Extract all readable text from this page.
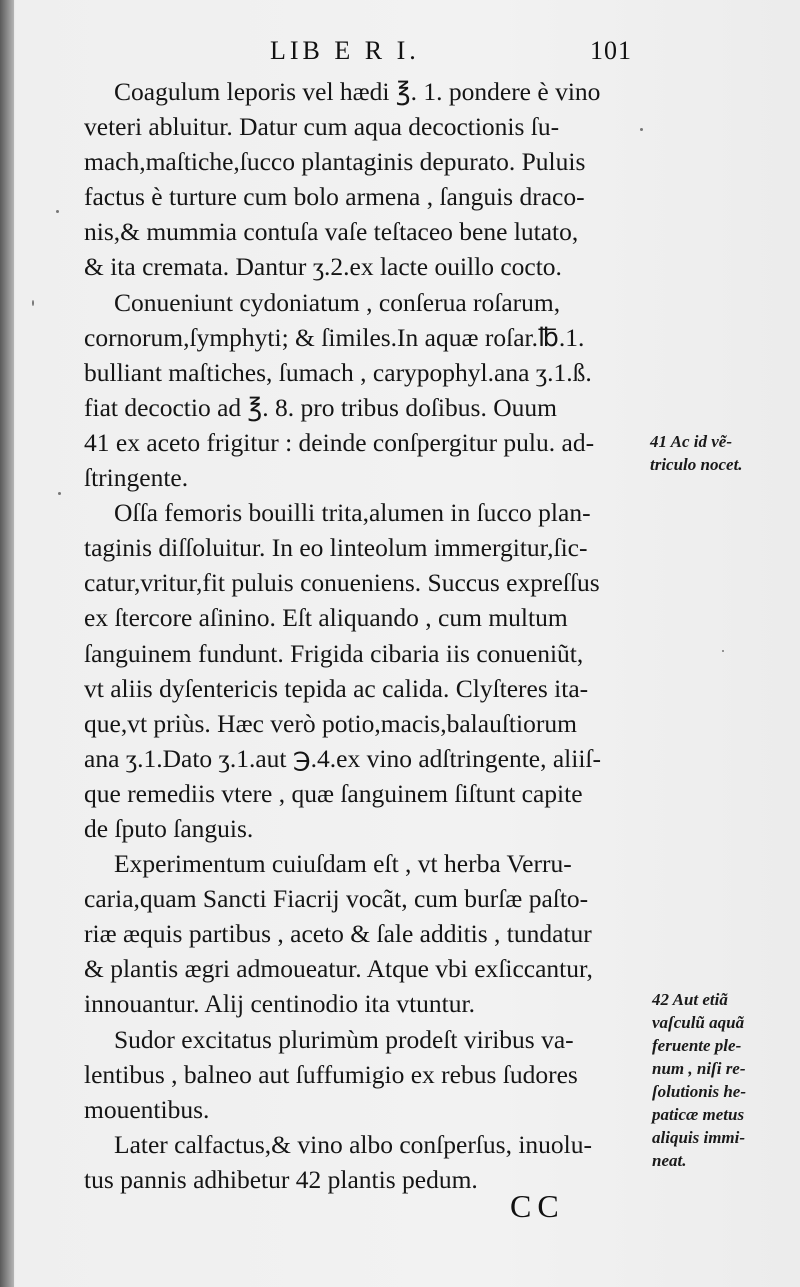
LIB E R I.	101
Coagulum leporis vel hædi ℥. 1. pondere è vino
veteri abluitur. Datur cum aqua decoctionis ſu-
mach,maſtiche,ſucco plantaginis depurato. Puluis
factus è turture cum bolo armena , ſanguis draco-
nis,& mummia contuſa vaſe teſtaceo bene lutato,
& ita cremata. Dantur ʒ.2.ex lacte ouillo cocto.
Conueniunt cydoniatum , conſerua roſarum,
cornorum,ſymphyti; & ſimiles.In aquæ roſar.℔.1.
bulliant maſtiches, ſumach , carypophyl.ana ʒ.1.ß.
fiat decoctio ad ℥. 8. pro tribus doſibus. Ouum
41 ex aceto frigitur : deinde conſpergitur pulu. ad-
ſtringente.
Oſſa femoris bouilli trita,alumen in ſucco plan-
taginis diſſoluitur. In eo linteolum immergitur,ſic-
catur,vritur,fit puluis conueniens. Succus expreſſus
ex ſtercore aſinino. Eſt aliquando , cum multum
ſanguinem fundunt. Frigida cibaria iis conueniũt,
vt aliis dyſentericis tepida ac calida. Clyſteres ita-
que,vt priùs. Hæc verò potio,macis,balauſtiorum
ana ʒ.1.Dato ʒ.1.aut ℈.4.ex vino adſtringente, aliiſ-
que remediis vtere , quæ ſanguinem ſiſtunt capite
de ſputo ſanguis.
Experimentum cuiuſdam eſt , vt herba Verru-
caria,quam Sancti Fiacrij vocãt, cum burſæ paſto-
riæ æquis partibus , aceto & ſale additis , tundatur
& plantis ægri admoueatur. Atque vbi exſiccantur,
innouantur. Alij centinodio ita vtuntur.
Sudor excitatus plurimùm prodeſt viribus va-
lentibus , balneo aut ſuffumigio ex rebus ſudores
mouentibus.
Later calfactus,& vino albo conſperſus, inuolu-
tus pannis adhibetur 42 plantis pedum.
41 Ac id vẽ-
triculo nocet.
42 Aut etiã
vaſculũ aquã
feruente ple-
num , niſi re-
ſolutionis he-
paticæ metus
aliquis immi-
neat.
CC
